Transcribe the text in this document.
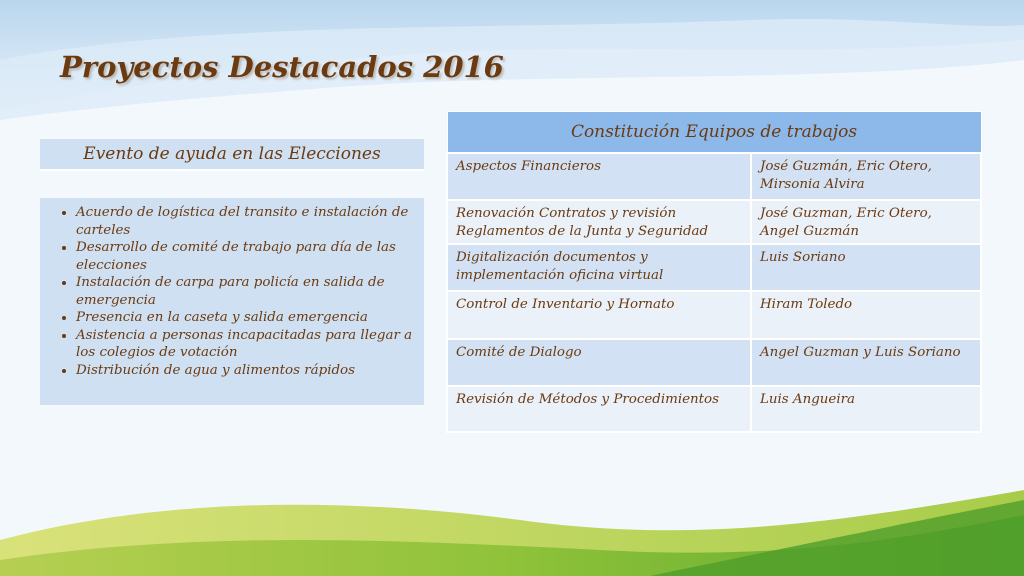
Proyectos Destacados 2016
Evento de ayuda en las Elecciones
• Acuerdo de logística del transito e instalación de carteles
• Desarrollo de comité de trabajo para día de las elecciones
• Instalación de carpa para policía en salida de emergencia
• Presencia en la caseta y salida emergencia
• Asistencia a personas incapacitadas para llegar a los colegios de votación
• Distribución de agua y alimentos rápidos
Constitución Equipos de trabajos	
Aspectos Financieros	José Guzmán, Eric Otero, Mirsonia Alvira
Renovación Contratos y revisión Reglamentos de la Junta y Seguridad	José Guzman, Eric Otero, Angel Guzmán
Digitalización documentos y implementación oficina virtual	Luis Soriano
Control de Inventario y Hornato	Hiram Toledo
Comité de Dialogo	Angel Guzman y Luis Soriano
Revisión de Métodos y Procedimientos	Luis Angueira
